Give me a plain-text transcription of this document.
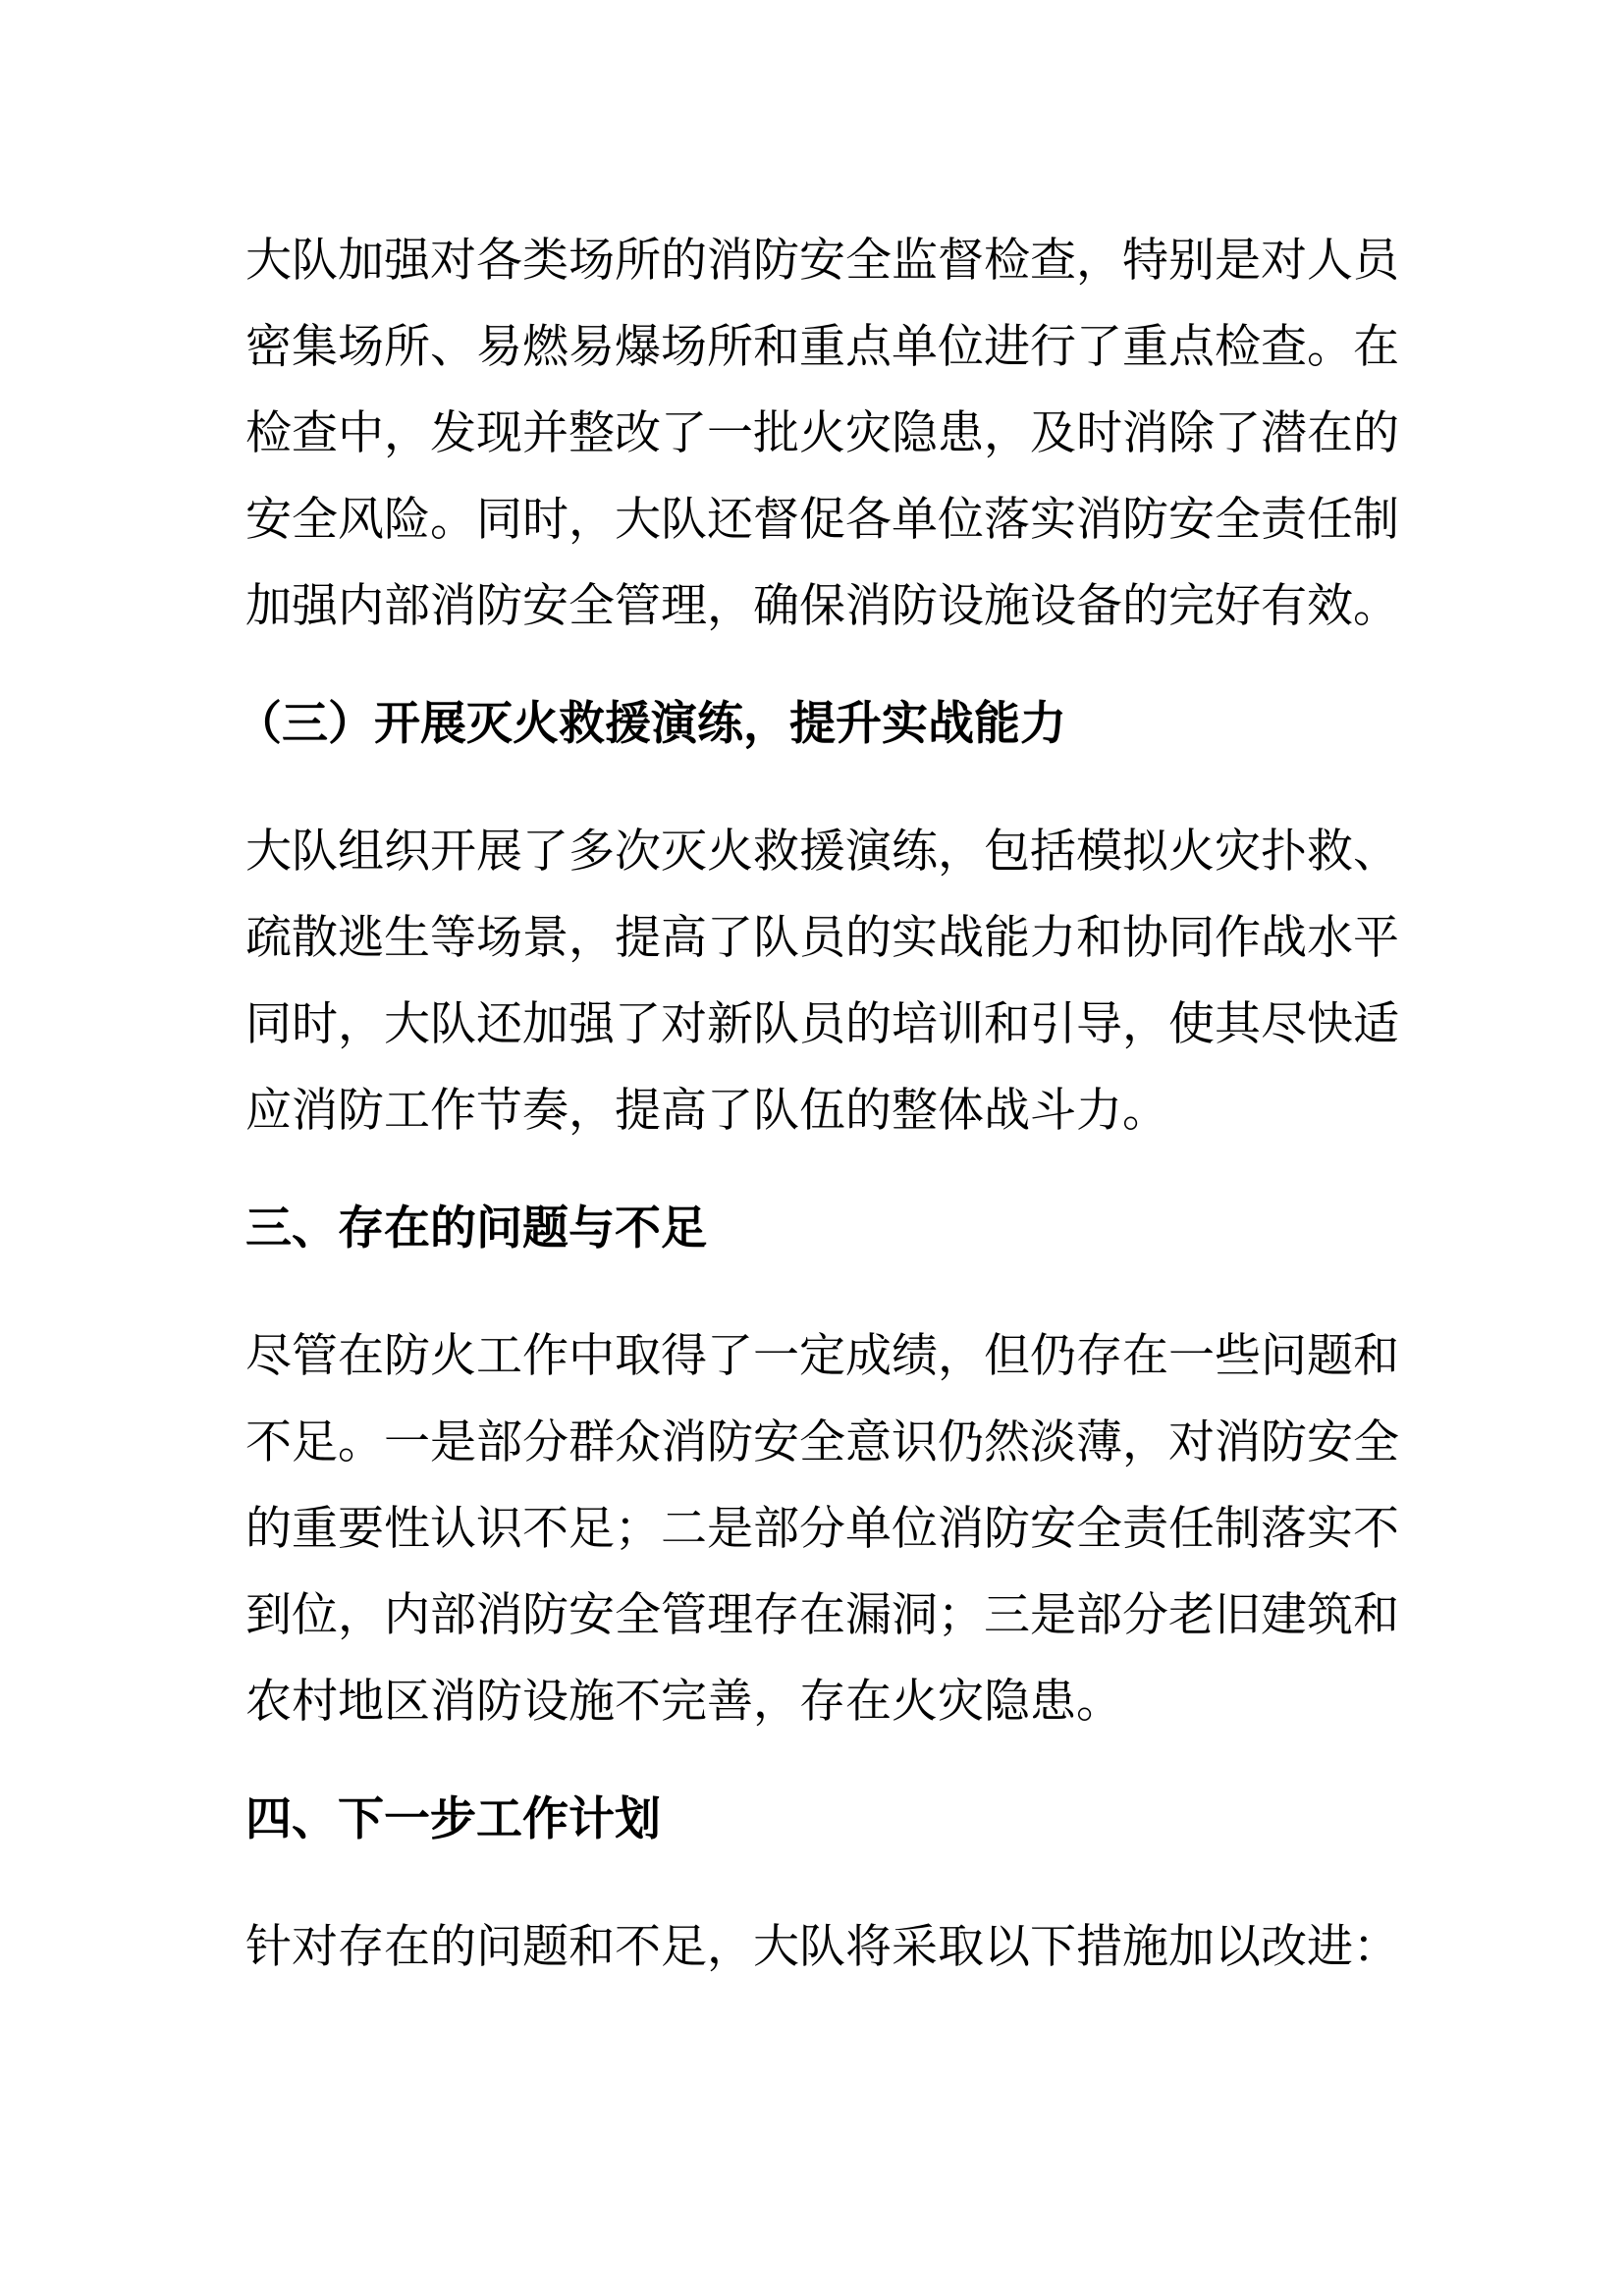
大队加强对各类场所的消防安全监督检查，特别是对人员
密集场所、易燃易爆场所和重点单位进行了重点检查。在
检查中，发现并整改了一批火灾隐患，及时消除了潜在的
安全风险。同时，大队还督促各单位落实消防安全责任制
加强内部消防安全管理，确保消防设施设备的完好有效。
（三）开展灭火救援演练，提升实战能力
大队组织开展了多次灭火救援演练，包括模拟火灾扑救、
疏散逃生等场景，提高了队员的实战能力和协同作战水平
同时，大队还加强了对新队员的培训和引导，使其尽快适
应消防工作节奏，提高了队伍的整体战斗力。
三、存在的问题与不足
尽管在防火工作中取得了一定成绩，但仍存在一些问题和
不足。一是部分群众消防安全意识仍然淡薄，对消防安全
的重要性认识不足；二是部分单位消防安全责任制落实不
到位，内部消防安全管理存在漏洞；三是部分老旧建筑和
农村地区消防设施不完善，存在火灾隐患。
四、下一步工作计划
针对存在的问题和不足，大队将采取以下措施加以改进：
